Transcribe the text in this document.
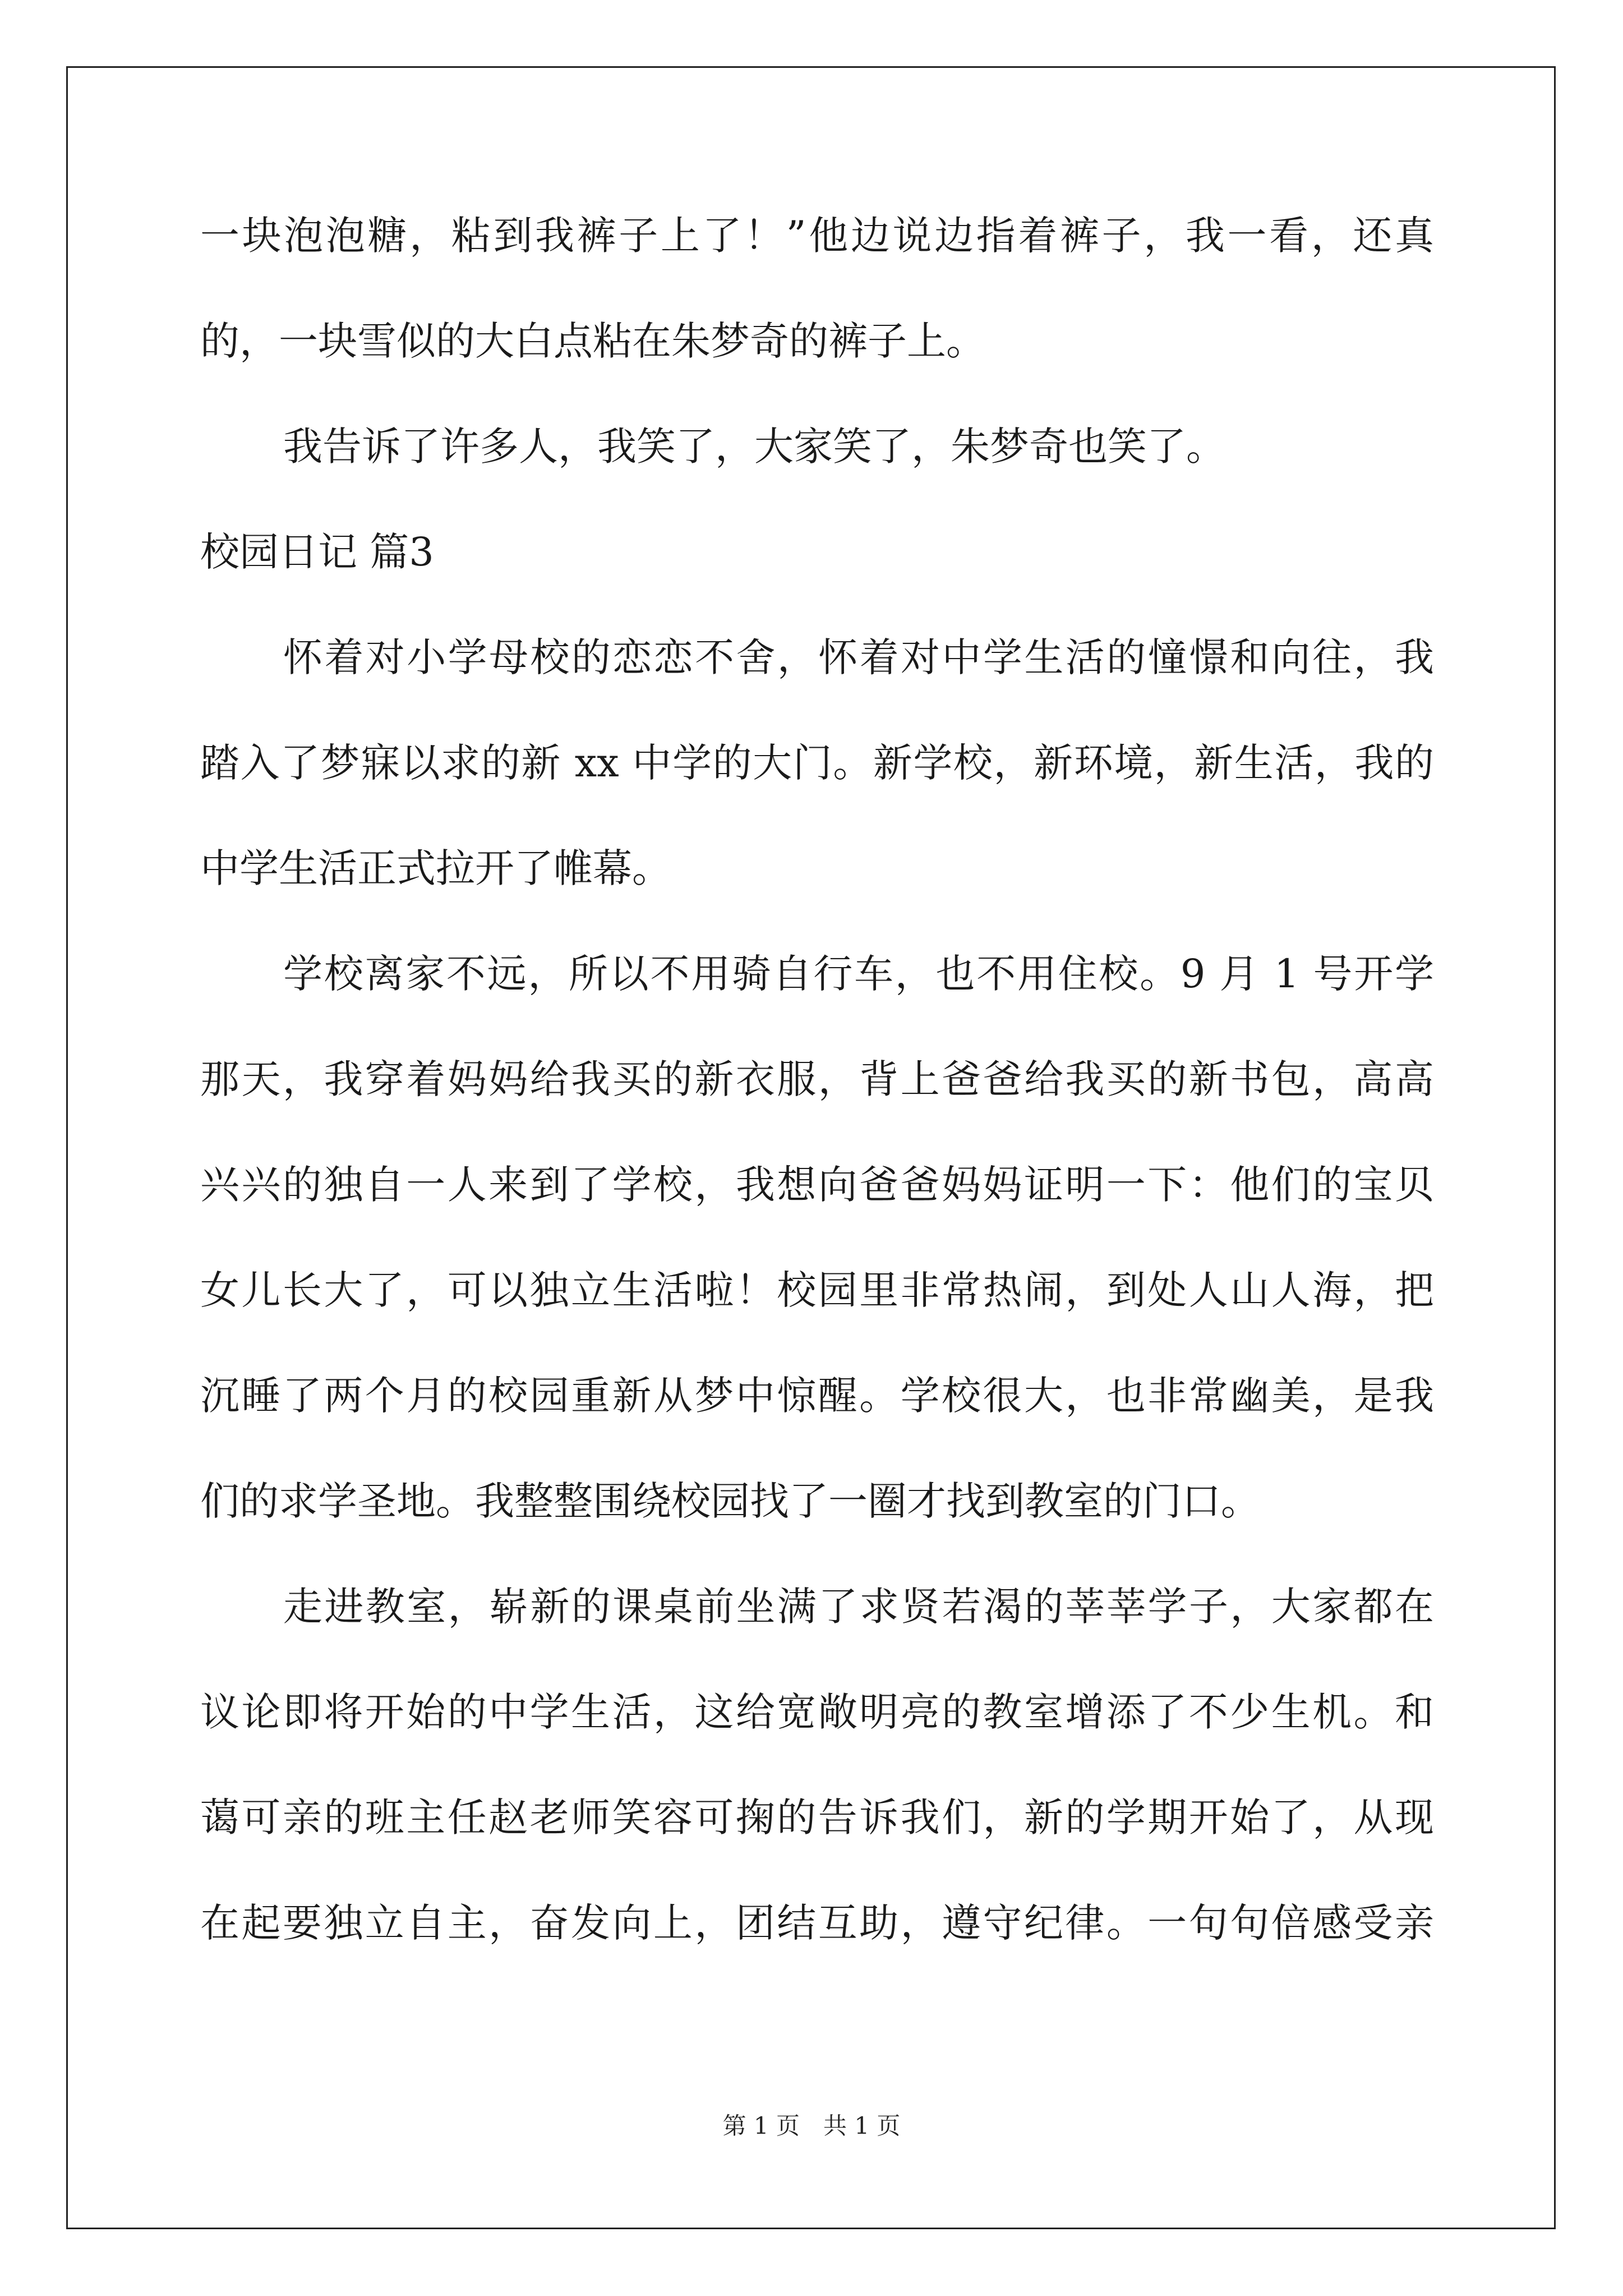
一块泡泡糖，粘到我裤子上了！”他边说边指着裤子，我一看，还真
的，一块雪似的大白点粘在朱梦奇的裤子上。
我告诉了许多人，我笑了，大家笑了，朱梦奇也笑了。
校园日记 篇3
怀着对小学母校的恋恋不舍，怀着对中学生活的憧憬和向往，我
踏入了梦寐以求的新 xx 中学的大门。新学校，新环境，新生活，我的
中学生活正式拉开了帷幕。
学校离家不远，所以不用骑自行车，也不用住校。9 月 1 号开学
那天，我穿着妈妈给我买的新衣服，背上爸爸给我买的新书包，高高
兴兴的独自一人来到了学校，我想向爸爸妈妈证明一下：他们的宝贝
女儿长大了，可以独立生活啦！校园里非常热闹，到处人山人海，把
沉睡了两个月的校园重新从梦中惊醒。学校很大，也非常幽美，是我
们的求学圣地。我整整围绕校园找了一圈才找到教室的门口。
走进教室，崭新的课桌前坐满了求贤若渴的莘莘学子，大家都在
议论即将开始的中学生活，这给宽敞明亮的教室增添了不少生机。和
蔼可亲的班主任赵老师笑容可掬的告诉我们，新的学期开始了，从现
在起要独立自主，奋发向上，团结互助，遵守纪律。一句句倍感受亲
第 1 页　共 1 页
